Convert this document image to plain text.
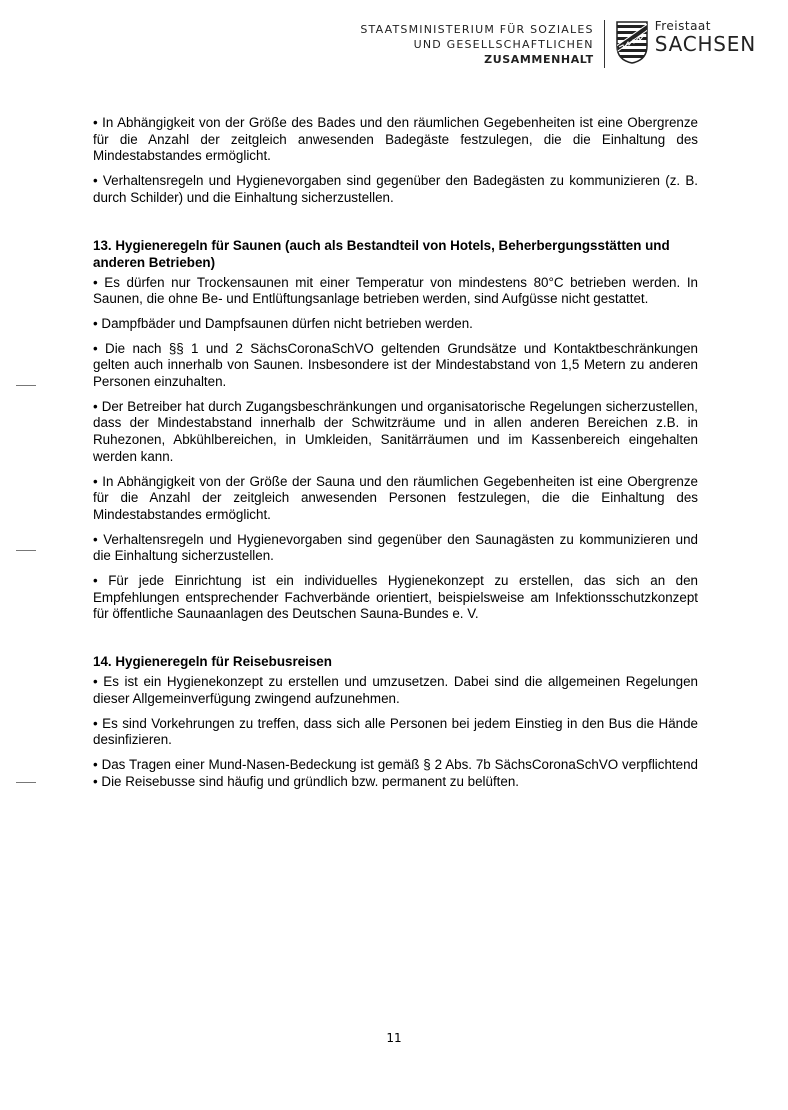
STAATSMINISTERIUM FÜR SOZIALES
UND GESELLSCHAFTLICHEN
ZUSAMMENHALT
Freistaat
SACHSEN

• In Abhängigkeit von der Größe des Bades und den räumlichen Gegebenheiten ist eine Obergrenze für die Anzahl der zeitgleich anwesenden Badegäste festzulegen, die die Einhaltung des Mindestabstandes ermöglicht.

• Verhaltensregeln und Hygienevorgaben sind gegenüber den Badegästen zu kommunizieren (z. B. durch Schilder) und die Einhaltung sicherzustellen.

13. Hygieneregeln für Saunen (auch als Bestandteil von Hotels, Beherbergungsstätten und anderen Betrieben)

• Es dürfen nur Trockensaunen mit einer Temperatur von mindestens 80°C betrieben werden. In Saunen, die ohne Be- und Entlüftungsanlage betrieben werden, sind Aufgüsse nicht gestattet.

• Dampfbäder und Dampfsaunen dürfen nicht betrieben werden.

• Die nach §§ 1 und 2 SächsCoronaSchVO geltenden Grundsätze und Kontaktbeschränkungen gelten auch innerhalb von Saunen. Insbesondere ist der Mindestabstand von 1,5 Metern zu anderen Personen einzuhalten.

• Der Betreiber hat durch Zugangsbeschränkungen und organisatorische Regelungen sicherzustellen, dass der Mindestabstand innerhalb der Schwitzräume und in allen anderen Bereichen z.B. in Ruhezonen, Abkühlbereichen, in Umkleiden, Sanitärräumen und im Kassenbereich eingehalten werden kann.

• In Abhängigkeit von der Größe der Sauna und den räumlichen Gegebenheiten ist eine Obergrenze für die Anzahl der zeitgleich anwesenden Personen festzulegen, die die Einhaltung des Mindestabstandes ermöglicht.

• Verhaltensregeln und Hygienevorgaben sind gegenüber den Saunagästen zu kommunizieren und die Einhaltung sicherzustellen.

• Für jede Einrichtung ist ein individuelles Hygienekonzept zu erstellen, das sich an den Empfehlungen entsprechender Fachverbände orientiert, beispielsweise am Infektionsschutzkonzept für öffentliche Saunaanlagen des Deutschen Sauna-Bundes e. V.

14. Hygieneregeln für Reisebusreisen

• Es ist ein Hygienekonzept zu erstellen und umzusetzen. Dabei sind die allgemeinen Regelungen dieser Allgemeinverfügung zwingend aufzunehmen.

• Es sind Vorkehrungen zu treffen, dass sich alle Personen bei jedem Einstieg in den Bus die Hände desinfizieren.

• Das Tragen einer Mund-Nasen-Bedeckung ist gemäß § 2 Abs. 7b SächsCoronaSchVO verpflichtend • Die Reisebusse sind häufig und gründlich bzw. permanent zu belüften.

11
